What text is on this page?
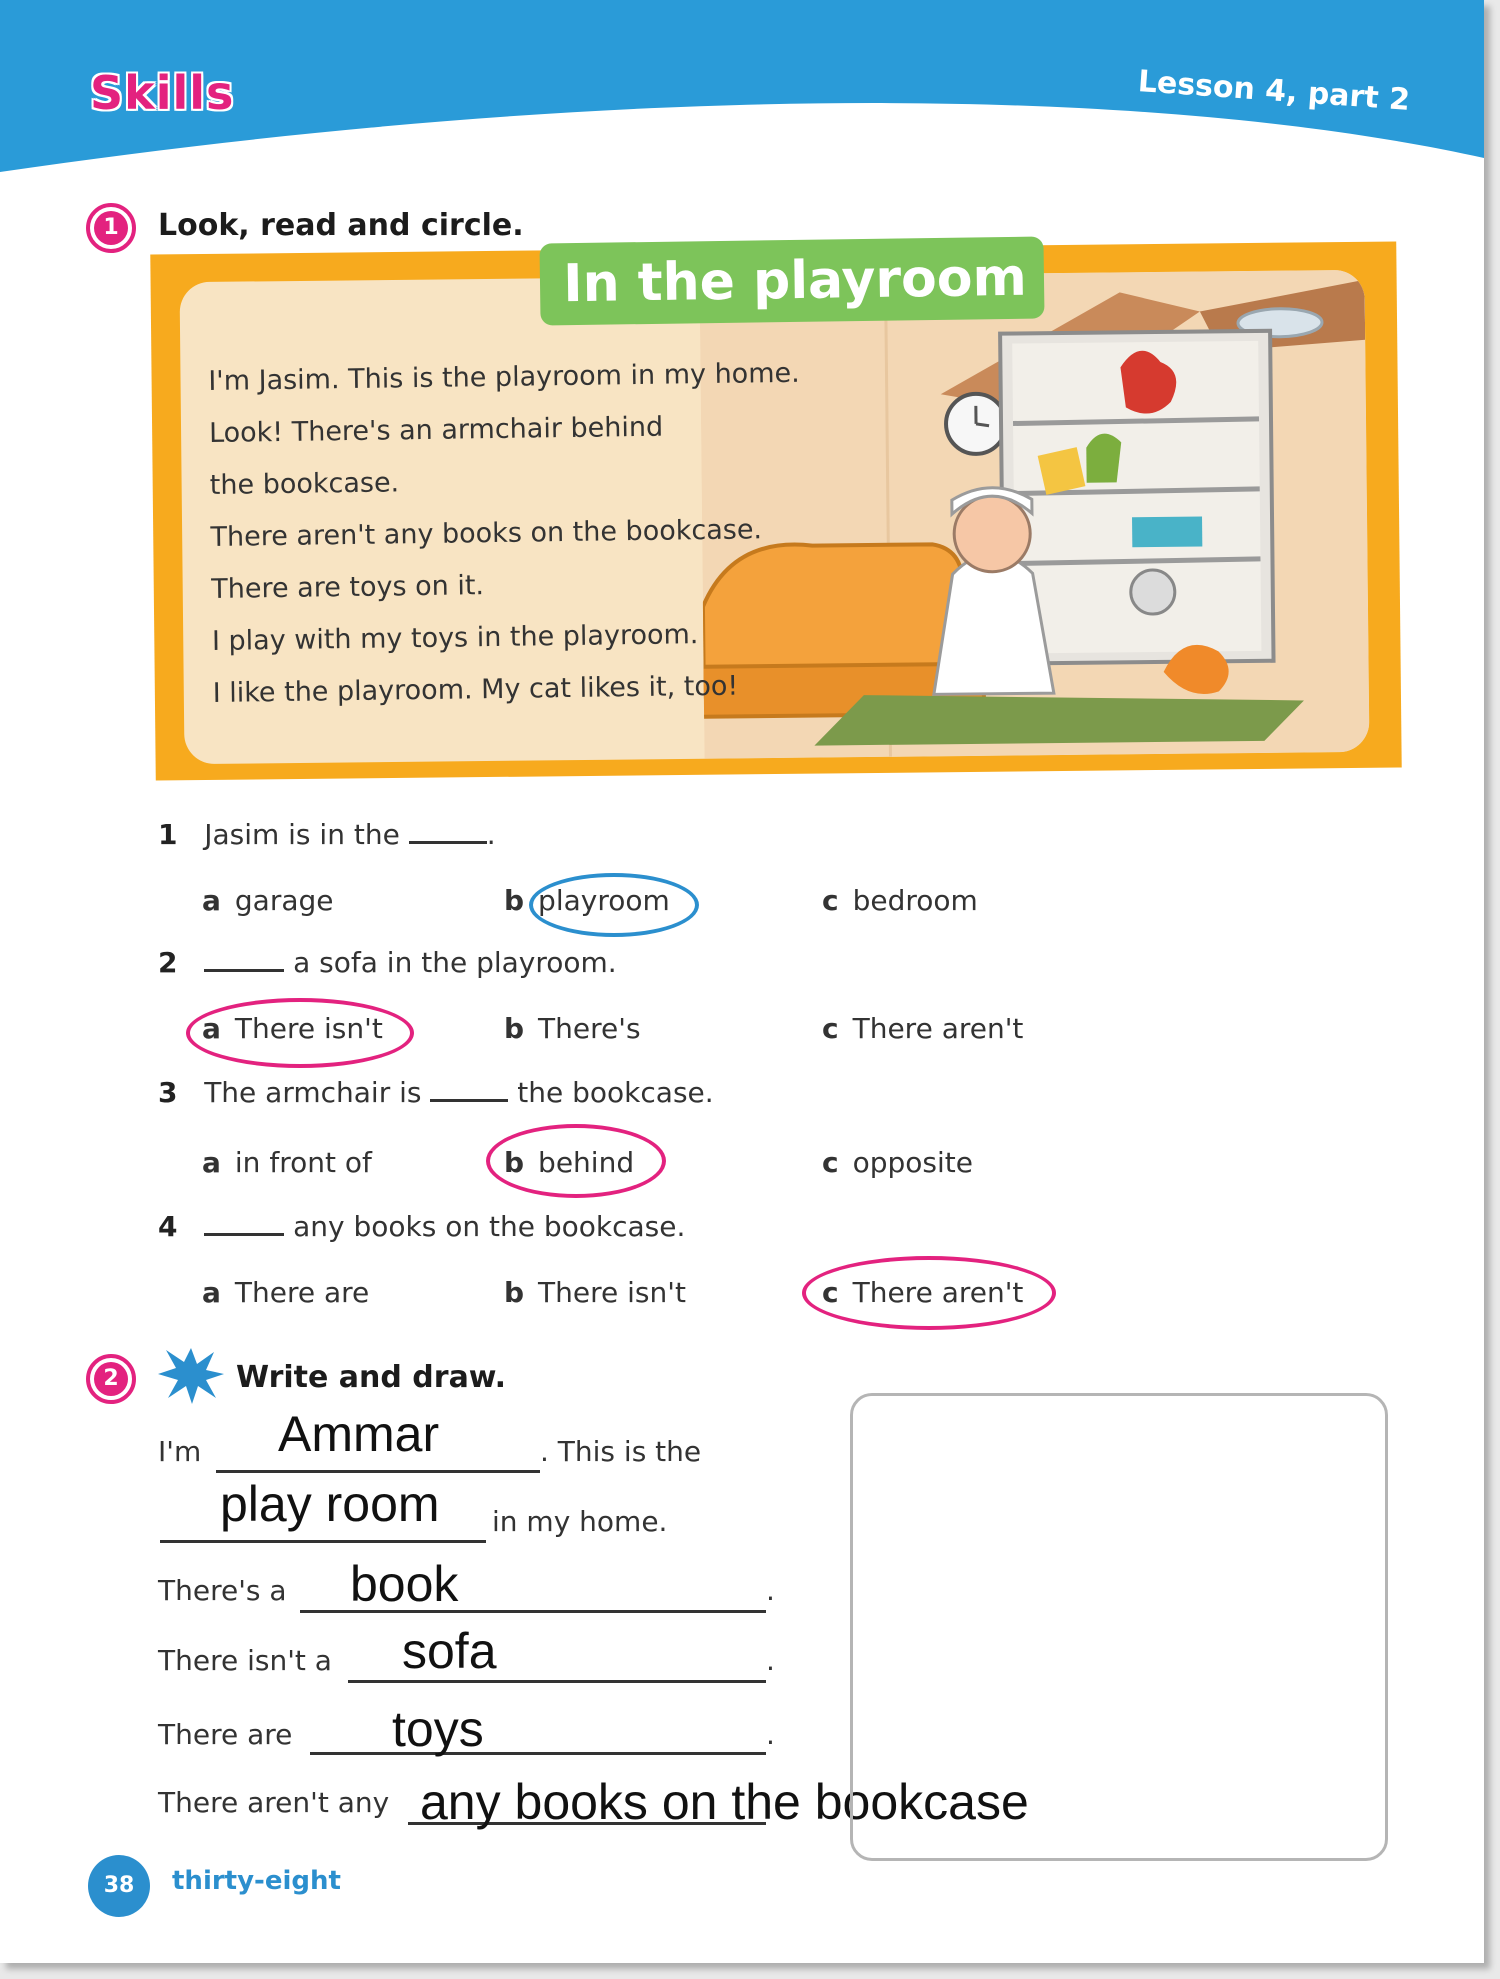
Skills	Lesson 4, part 2
1	Look, read and circle.
In the playroom
I'm Jasim. This is the playroom in my home.
Look! There's an armchair behind
the bookcase.
There aren't any books on the bookcase.
There are toys on it.
I play with my toys in the playroom.
I like the playroom. My cat likes it, too!
1 Jasim is in the	.
a garage	b playroom	c bedroom
2	a sofa in the playroom.
a There isn't	b There's	c There aren't
3 The armchair is	the bookcase.
a in front of	b behind	c opposite
4	any books on the bookcase.
a There are	b There isn't	c There aren't
2	Write and draw.
I'm Ammar	. This is the
play room in my home.
There's a book	.
There isn't a sofa	.
There are toys	.
There aren't any any books on the bookcase
38	thirty-eight
